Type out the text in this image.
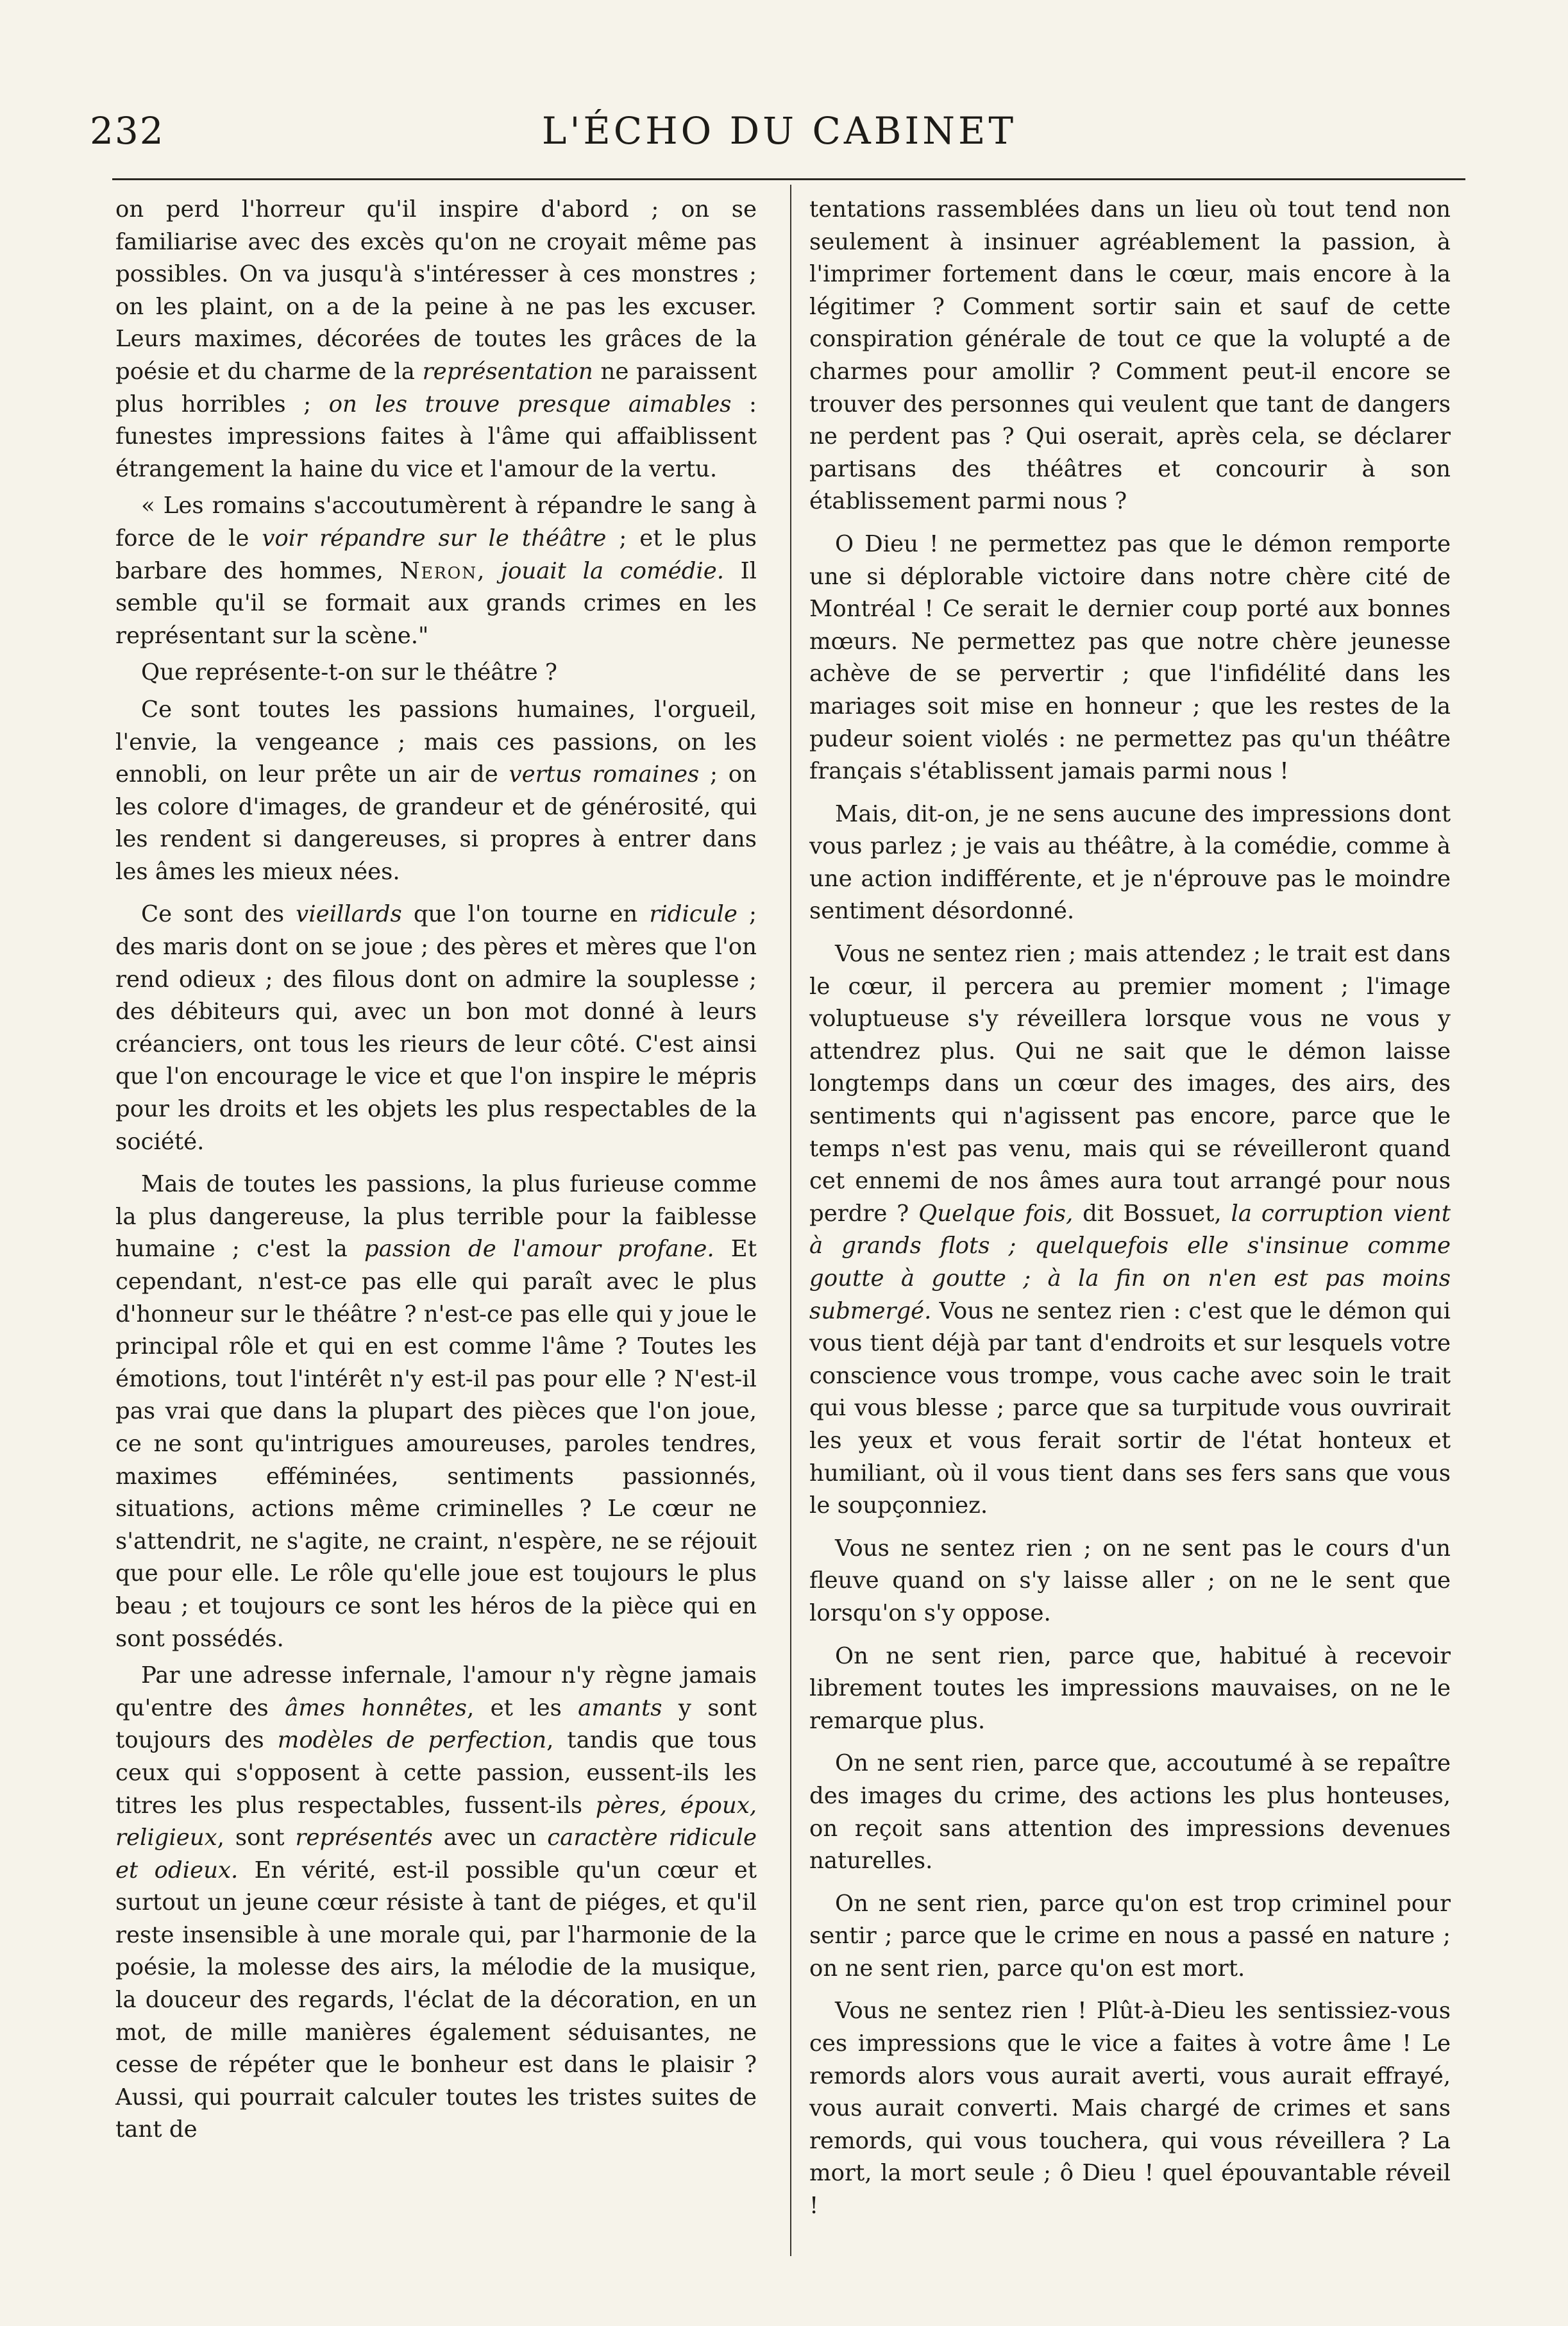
232	L'ÉCHO DU CABINET

on perd l'horreur qu'il inspire d'abord ; on se familiarise avec des excès qu'on ne croyait même pas possibles. On va jusqu'à s'intéresser à ces monstres ; on les plaint, on a de la peine à ne pas les excuser. Leurs maximes, décorées de toutes les grâces de la poésie et du charme de la représentation ne paraissent plus horribles ; on les trouve presque aimables : funestes impressions faites à l'âme qui affaiblissent étrangement la haine du vice et l'amour de la vertu.

« Les romains s'accoutumèrent à répandre le sang à force de le voir répandre sur le théâtre ; et le plus barbare des hommes, Neron, jouait la comédie. Il semble qu'il se formait aux grands crimes en les représentant sur la scène."

Que représente-t-on sur le théâtre ?

Ce sont toutes les passions humaines, l'orgueil, l'envie, la vengeance ; mais ces passions, on les ennobli, on leur prête un air de vertus romaines ; on les colore d'images, de grandeur et de générosité, qui les rendent si dangereuses, si propres à entrer dans les âmes les mieux nées.

Ce sont des vieillards que l'on tourne en ridicule ; des maris dont on se joue ; des pères et mères que l'on rend odieux ; des filous dont on admire la souplesse ; des débiteurs qui, avec un bon mot donné à leurs créanciers, ont tous les rieurs de leur côté. C'est ainsi que l'on encourage le vice et que l'on inspire le mépris pour les droits et les objets les plus respectables de la société.

Mais de toutes les passions, la plus furieuse comme la plus dangereuse, la plus terrible pour la faiblesse humaine ; c'est la passion de l'amour profane. Et cependant, n'est-ce pas elle qui paraît avec le plus d'honneur sur le théâtre ? n'est-ce pas elle qui y joue le principal rôle et qui en est comme l'âme ? Toutes les émotions, tout l'intérêt n'y est-il pas pour elle ? N'est-il pas vrai que dans la plupart des pièces que l'on joue, ce ne sont qu'intrigues amoureuses, paroles tendres, maximes efféminées, sentiments passionnés, situations, actions même criminelles ? Le cœur ne s'attendrit, ne s'agite, ne craint, n'espère, ne se réjouit que pour elle. Le rôle qu'elle joue est toujours le plus beau ; et toujours ce sont les héros de la pièce qui en sont possédés.

Par une adresse infernale, l'amour n'y règne jamais qu'entre des âmes honnêtes, et les amants y sont toujours des modèles de perfection, tandis que tous ceux qui s'opposent à cette passion, eussent-ils les titres les plus respectables, fussent-ils pères, époux, religieux, sont représentés avec un caractère ridicule et odieux. En vérité, est-il possible qu'un cœur et surtout un jeune cœur résiste à tant de piéges, et qu'il reste insensible à une morale qui, par l'harmonie de la poésie, la molesse des airs, la mélodie de la musique, la douceur des regards, l'éclat de la décoration, en un mot, de mille manières également séduisantes, ne cesse de répéter que le bonheur est dans le plaisir ? Aussi, qui pourrait calculer toutes les tristes suites de tant de

tentations rassemblées dans un lieu où tout tend non seulement à insinuer agréablement la passion, à l'imprimer fortement dans le cœur, mais encore à la légitimer ? Comment sortir sain et sauf de cette conspiration générale de tout ce que la volupté a de charmes pour amollir ? Comment peut-il encore se trouver des personnes qui veulent que tant de dangers ne perdent pas ? Qui oserait, après cela, se déclarer partisans des théâtres et concourir à son établissement parmi nous ?

O Dieu ! ne permettez pas que le démon remporte une si déplorable victoire dans notre chère cité de Montréal ! Ce serait le dernier coup porté aux bonnes mœurs. Ne permettez pas que notre chère jeunesse achève de se pervertir ; que l'infidélité dans les mariages soit mise en honneur ; que les restes de la pudeur soient violés : ne permettez pas qu'un théâtre français s'établissent jamais parmi nous !

Mais, dit-on, je ne sens aucune des impressions dont vous parlez ; je vais au théâtre, à la comédie, comme à une action indifférente, et je n'éprouve pas le moindre sentiment désordonné.

Vous ne sentez rien ; mais attendez ; le trait est dans le cœur, il percera au premier moment ; l'image voluptueuse s'y réveillera lorsque vous ne vous y attendrez plus. Qui ne sait que le démon laisse longtemps dans un cœur des images, des airs, des sentiments qui n'agissent pas encore, parce que le temps n'est pas venu, mais qui se réveilleront quand cet ennemi de nos âmes aura tout arrangé pour nous perdre ? Quelque fois, dit Bossuet, la corruption vient à grands flots ; quelquefois elle s'insinue comme goutte à goutte ; à la fin on n'en est pas moins submergé. Vous ne sentez rien : c'est que le démon qui vous tient déjà par tant d'endroits et sur lesquels votre conscience vous trompe, vous cache avec soin le trait qui vous blesse ; parce que sa turpitude vous ouvrirait les yeux et vous ferait sortir de l'état honteux et humiliant, où il vous tient dans ses fers sans que vous le soupçonniez.

Vous ne sentez rien ; on ne sent pas le cours d'un fleuve quand on s'y laisse aller ; on ne le sent que lorsqu'on s'y oppose.

On ne sent rien, parce que, habitué à recevoir librement toutes les impressions mauvaises, on ne le remarque plus.

On ne sent rien, parce que, accoutumé à se repaître des images du crime, des actions les plus honteuses, on reçoit sans attention des impressions devenues naturelles.

On ne sent rien, parce qu'on est trop criminel pour sentir ; parce que le crime en nous a passé en nature ; on ne sent rien, parce qu'on est mort.

Vous ne sentez rien ! Plût-à-Dieu les sentissiez-vous ces impressions que le vice a faites à votre âme ! Le remords alors vous aurait averti, vous aurait effrayé, vous aurait converti. Mais chargé de crimes et sans remords, qui vous touchera, qui vous réveillera ? La mort, la mort seule ; ô Dieu ! quel épouvantable réveil !
